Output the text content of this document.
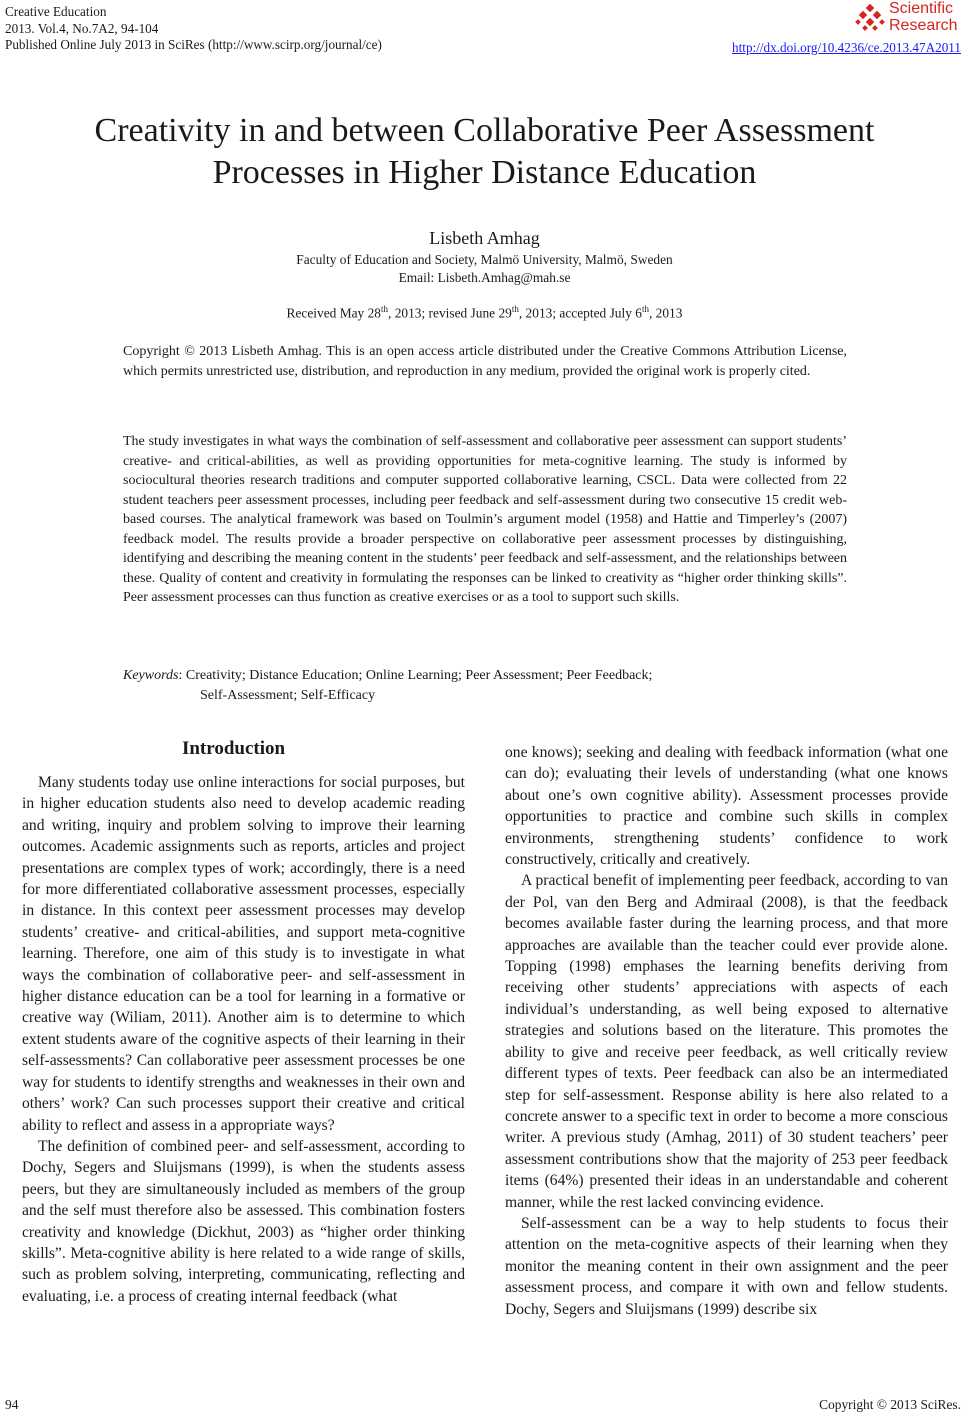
Creative Education
2013. Vol.4, No.7A2, 94-104
Published Online July 2013 in SciRes (http://www.scirp.org/journal/ce)
Scientific
Research
http://dx.doi.org/10.4236/ce.2013.47A2011
Creativity in and between Collaborative Peer Assessment Processes in Higher Distance Education
Lisbeth Amhag
Faculty of Education and Society, Malmö University, Malmö, Sweden
Email: Lisbeth.Amhag@mah.se
Received May 28th, 2013; revised June 29th, 2013; accepted July 6th, 2013
Copyright © 2013 Lisbeth Amhag. This is an open access article distributed under the Creative Commons Attribution License, which permits unrestricted use, distribution, and reproduction in any medium, provided the original work is properly cited.
The study investigates in what ways the combination of self-assessment and collaborative peer assessment can support students’ creative- and critical-abilities, as well as providing opportunities for meta-cognitive learning. The study is informed by sociocultural theories research traditions and computer supported collaborative learning, CSCL. Data were collected from 22 student teachers peer assessment processes, including peer feedback and self-assessment during two consecutive 15 credit web-based courses. The analytical framework was based on Toulmin’s argument model (1958) and Hattie and Timperley’s (2007) feedback model. The results provide a broader perspective on collaborative peer assessment processes by distinguishing, identifying and describing the meaning content in the students’ peer feedback and self-assessment, and the relationships between these. Quality of content and creativity in formulating the responses can be linked to creativity as “higher order thinking skills”. Peer assessment processes can thus function as creative exercises or as a tool to support such skills.
Keywords: Creativity; Distance Education; Online Learning; Peer Assessment; Peer Feedback;
Self-Assessment; Self-Efficacy
Introduction

Many students today use online interactions for social purposes, but in higher education students also need to develop academic reading and writing, inquiry and problem solving to improve their learning outcomes. Academic assignments such as reports, articles and project presentations are complex types of work; accordingly, there is a need for more differentiated collaborative assessment processes, especially in distance. In this context peer assessment processes may develop students’ creative- and critical-abilities, and support meta-cognitive learning. Therefore, one aim of this study is to investigate in what ways the combination of collaborative peer- and self-assessment in higher distance education can be a tool for learning in a formative or creative way (Wiliam, 2011). Another aim is to determine to which extent students aware of the cognitive aspects of their learning in their self-assessments? Can collaborative peer assessment processes be one way for students to identify strengths and weaknesses in their own and others’ work? Can such processes support their creative and critical ability to reflect and assess in a appropriate ways?

The definition of combined peer- and self-assessment, according to Dochy, Segers and Sluijsmans (1999), is when the students assess peers, but they are simultaneously included as members of the group and the self must therefore also be assessed. This combination fosters creativity and knowledge (Dickhut, 2003) as “higher order thinking skills”. Meta-cognitive ability is here related to a wide range of skills, such as problem solving, interpreting, communicating, reflecting and evaluating, i.e. a process of creating internal feedback (what

one knows); seeking and dealing with feedback information (what one can do); evaluating their levels of understanding (what one knows about one’s own cognitive ability). Assessment processes provide opportunities to practice and combine such skills in complex environments, strengthening students’ confidence to work constructively, critically and creatively.

A practical benefit of implementing peer feedback, according to van der Pol, van den Berg and Admiraal (2008), is that the feedback becomes available faster during the learning process, and that more approaches are available than the teacher could ever provide alone. Topping (1998) emphases the learning benefits deriving from receiving other students’ appreciations with aspects of each individual’s understanding, as well being exposed to alternative strategies and solutions based on the literature. This promotes the ability to give and receive peer feedback, as well critically review different types of texts. Peer feedback can also be an intermediated step for self-assessment. Response ability is here also related to a concrete answer to a specific text in order to become a more conscious writer. A previous study (Amhag, 2011) of 30 student teachers’ peer assessment contributions show that the majority of 253 peer feedback items (64%) presented their ideas in an understandable and coherent manner, while the rest lacked convincing evidence.

Self-assessment can be a way to help students to focus their attention on the meta-cognitive aspects of their learning when they monitor the meaning content in their own assignment and the peer assessment process, and compare it with own and fellow students. Dochy, Segers and Sluijsmans (1999) describe six

94	Copyright © 2013 SciRes.
